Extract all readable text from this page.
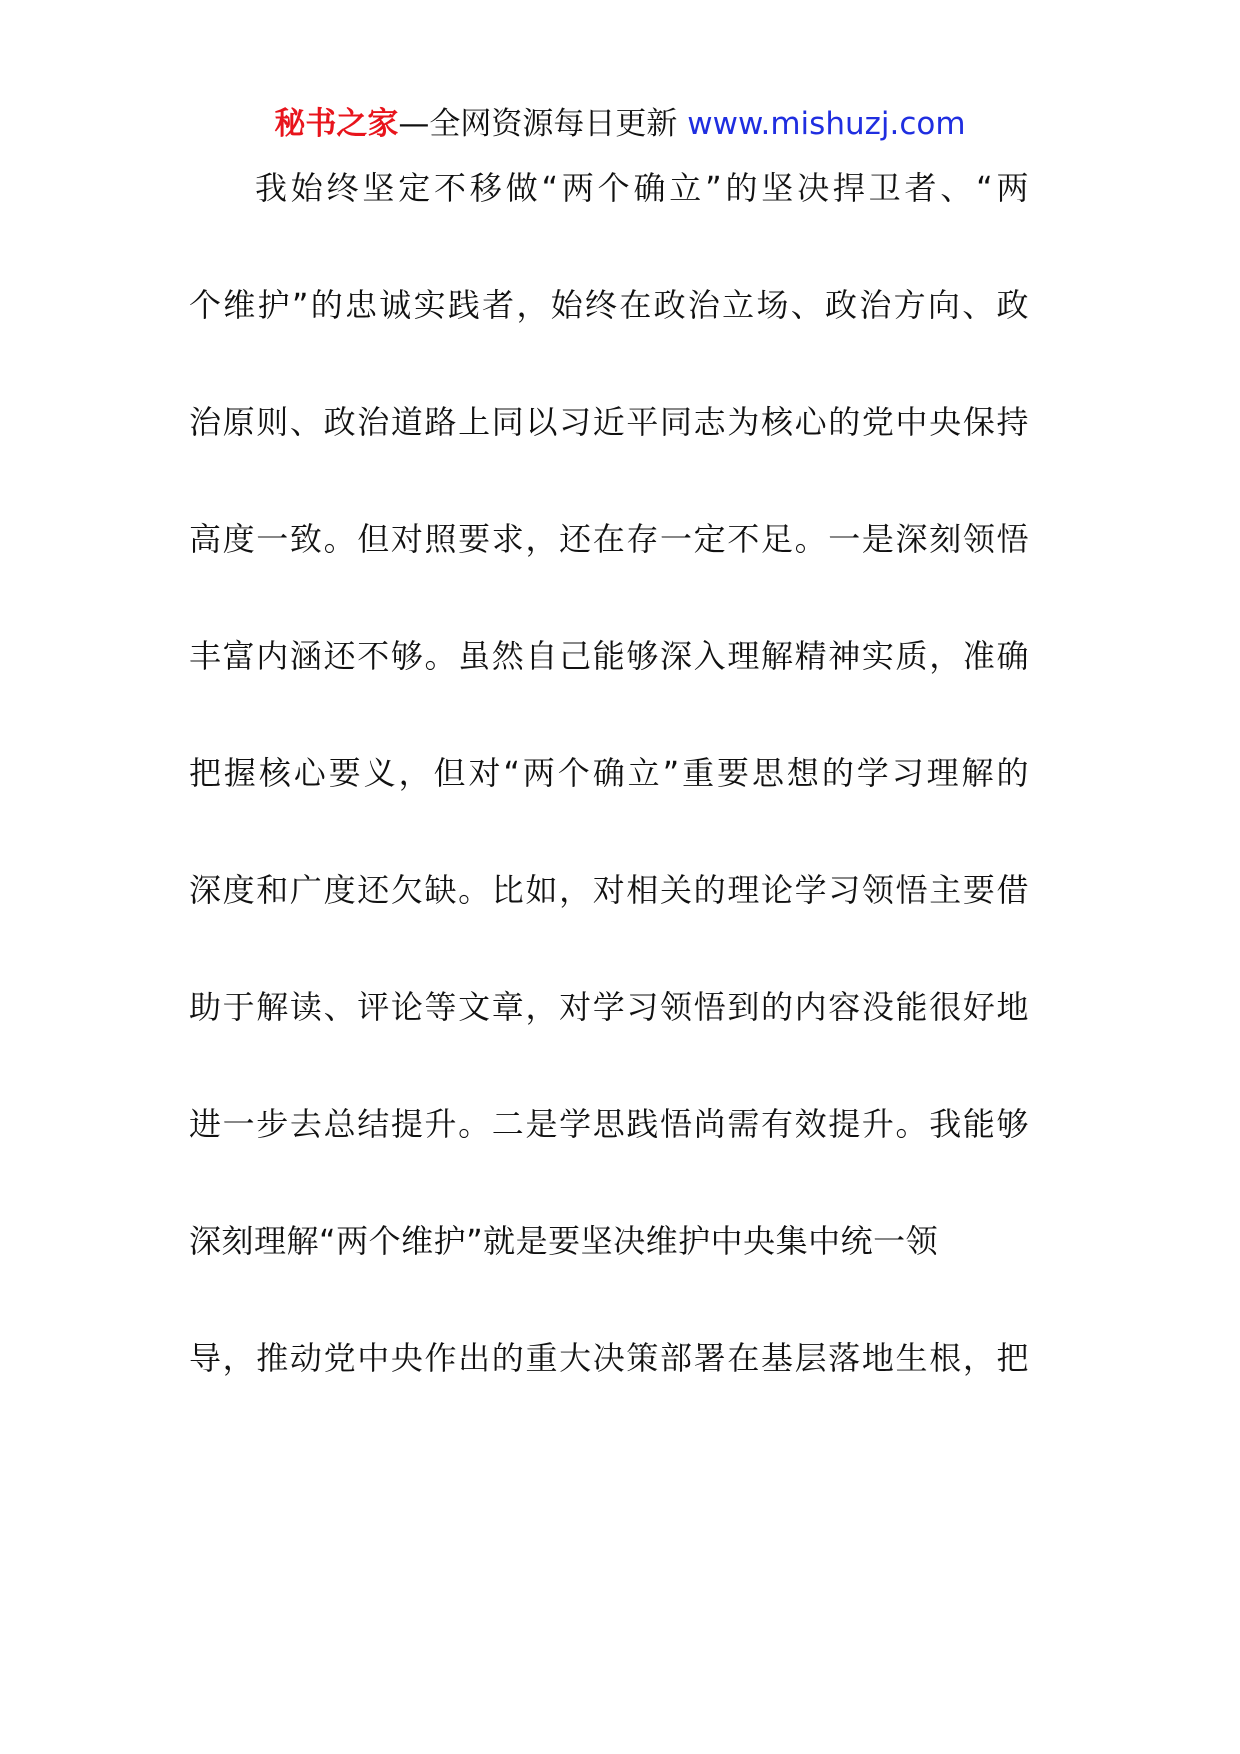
秘书之家—全网资源每日更新 www.mishuzj.com
我始终坚定不移做“两个确立”的坚决捍卫者、“两
个维护”的忠诚实践者，始终在政治立场、政治方向、政
治原则、政治道路上同以习近平同志为核心的党中央保持
高度一致。但对照要求，还在存一定不足。一是深刻领悟
丰富内涵还不够。虽然自己能够深入理解精神实质，准确
把握核心要义，但对“两个确立”重要思想的学习理解的
深度和广度还欠缺。比如，对相关的理论学习领悟主要借
助于解读、评论等文章，对学习领悟到的内容没能很好地
进一步去总结提升。二是学思践悟尚需有效提升。我能够
深刻理解“两个维护”就是要坚决维护中央集中统一领
导，推动党中央作出的重大决策部署在基层落地生根，把
